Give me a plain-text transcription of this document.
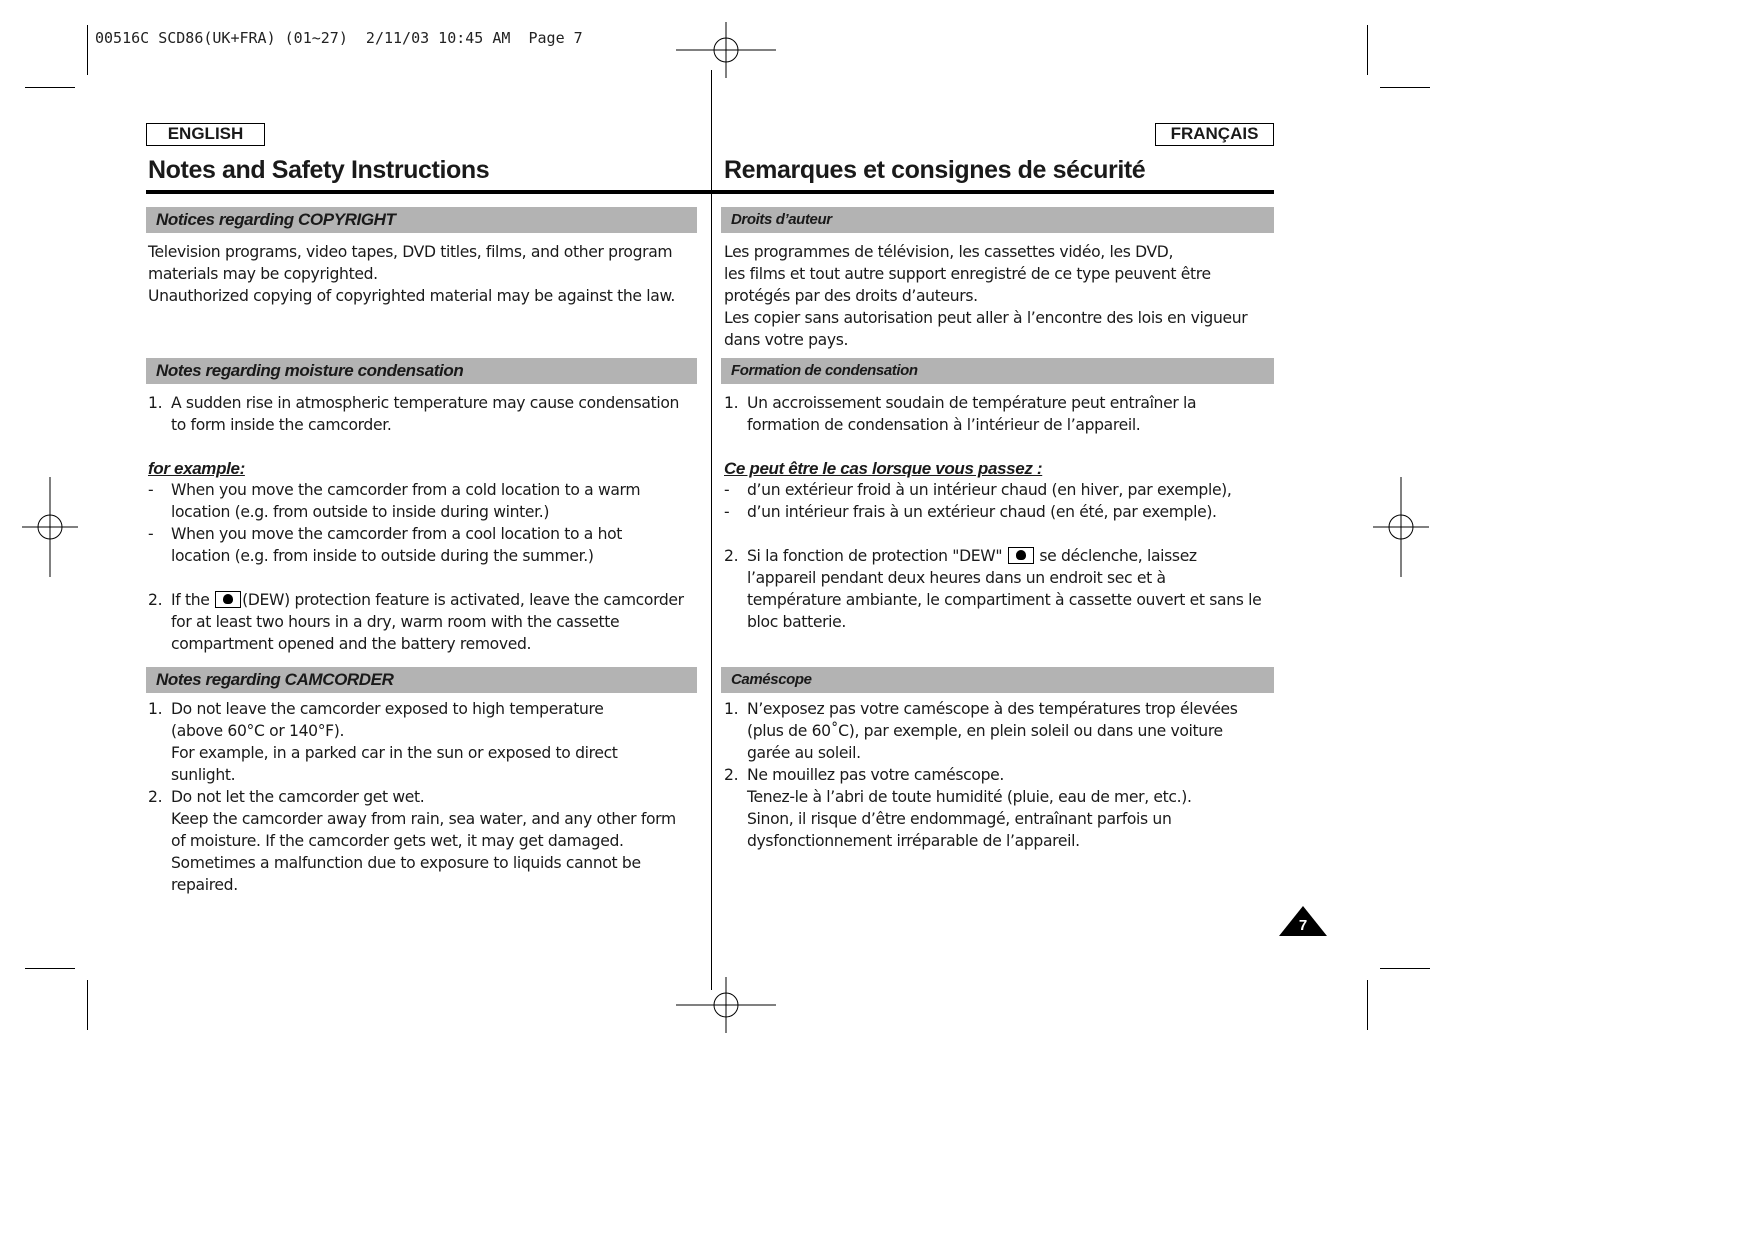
00516C SCD86(UK+FRA) (01~27)  2/11/03 10:45 AM  Page 7
ENGLISH
Notes and Safety Instructions
Notices regarding COPYRIGHT
Television programs, video tapes, DVD titles, films, and other program
materials may be copyrighted.
Unauthorized copying of copyrighted material may be against the law.
Notes regarding moisture condensation
1. A sudden rise in atmospheric temperature may cause condensation
to form inside the camcorder.
for example:
- When you move the camcorder from a cold location to a warm
location (e.g. from outside to inside during winter.)
- When you move the camcorder from a cool location to a hot
location (e.g. from inside to outside during the summer.)
2. If the (DEW) protection feature is activated, leave the camcorder
for at least two hours in a dry, warm room with the cassette
compartment opened and the battery removed.
Notes regarding CAMCORDER
1. Do not leave the camcorder exposed to high temperature
(above 60°C or 140°F).
For example, in a parked car in the sun or exposed to direct
sunlight.
2. Do not let the camcorder get wet.
Keep the camcorder away from rain, sea water, and any other form
of moisture. If the camcorder gets wet, it may get damaged.
Sometimes a malfunction due to exposure to liquids cannot be
repaired.
FRANÇAIS
Remarques et consignes de sécurité
Droits d’auteur
Les programmes de télévision, les cassettes vidéo, les DVD,
les films et tout autre support enregistré de ce type peuvent être
protégés par des droits d’auteurs.
Les copier sans autorisation peut aller à l’encontre des lois en vigueur
dans votre pays.
Formation de condensation
1. Un accroissement soudain de température peut entraîner la
formation de condensation à l’intérieur de l’appareil.
Ce peut être le cas lorsque vous passez :
- d’un extérieur froid à un intérieur chaud (en hiver, par exemple),
- d’un intérieur frais à un extérieur chaud (en été, par exemple).
2. Si la fonction de protection "DEW" se déclenche, laissez
l’appareil pendant deux heures dans un endroit sec et à
température ambiante, le compartiment à cassette ouvert et sans le
bloc batterie.
Caméscope
1. N’exposez pas votre caméscope à des températures trop élevées
(plus de 60˚C), par exemple, en plein soleil ou dans une voiture
garée au soleil.
2. Ne mouillez pas votre caméscope.
Tenez-le à l’abri de toute humidité (pluie, eau de mer, etc.).
Sinon, il risque d’être endommagé, entraînant parfois un
dysfonctionnement irréparable de l’appareil.
7
